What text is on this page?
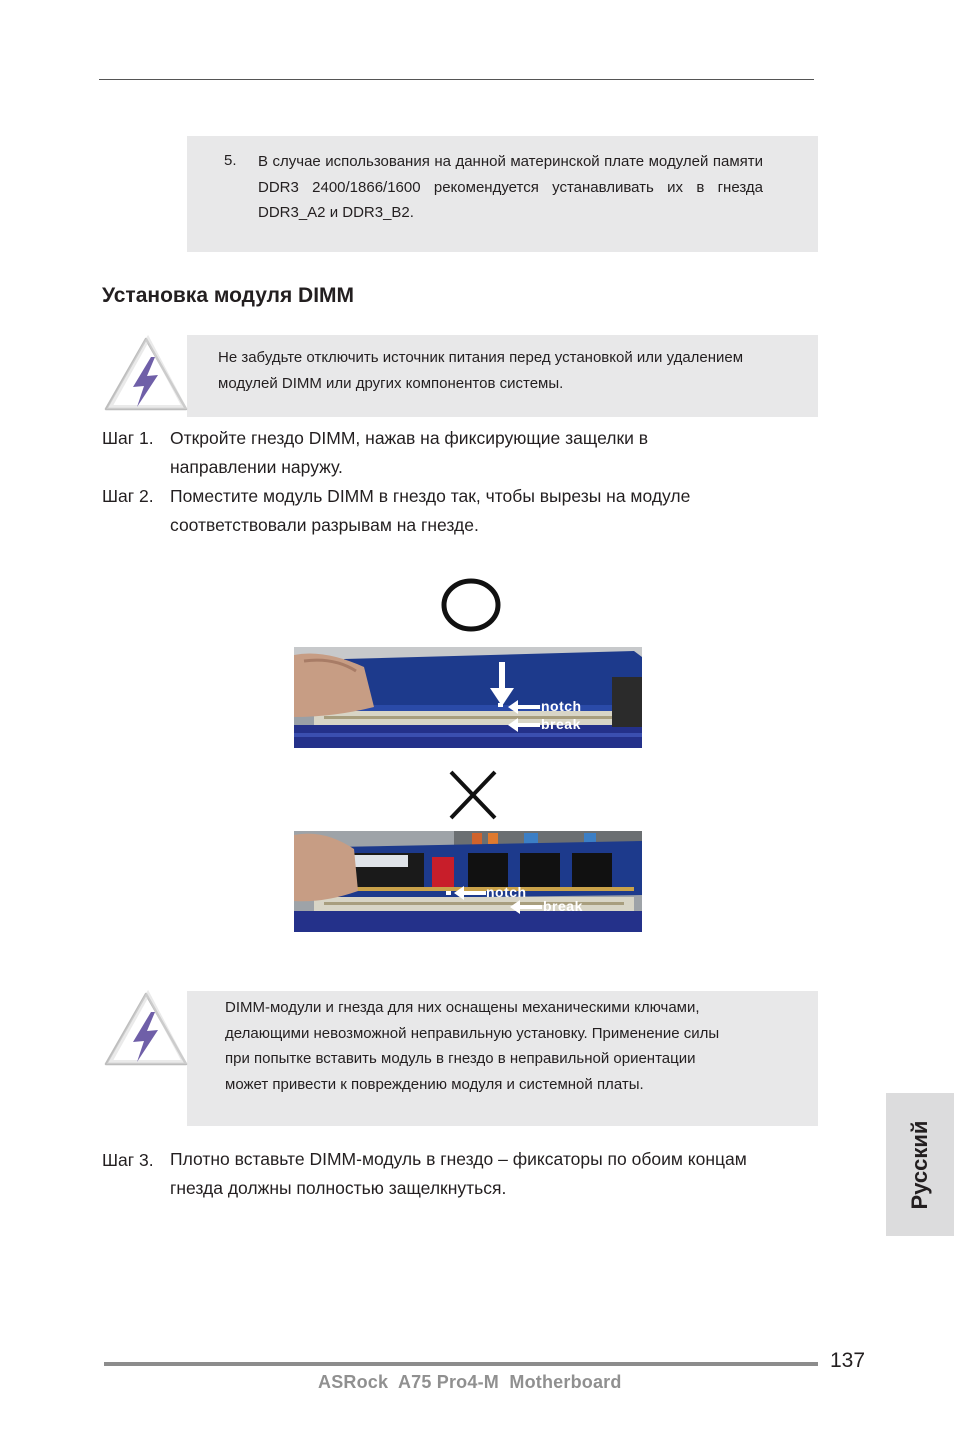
5. В случае использования на данной материнской плате модулей памяти DDR3 2400/1866/1600 рекомендуется устанавливать их в гнезда DDR3_A2 и DDR3_B2.
Установка модуля DIMM
Не забудьте отключить источник питания перед установкой или удалением модулей DIMM или других компонентов системы.
Шаг 1. Откройте гнездо DIMM, нажав на фиксирующие защелки в направлении наружу.
Шаг 2. Поместите модуль DIMM в гнездо так, чтобы вырезы на модуле соответствовали разрывам на гнезде.
notch
break
notch
break
DIMM-модули и гнезда для них оснащены механическими ключами, делающими невозможной неправильную установку. Применение силы при попытке вставить модуль в гнездо в неправильной ориентации может привести к повреждению модуля и системной платы.
Шаг 3. Плотно вставьте DIMM-модуль в гнездо – фиксаторы по обоим концам гнезда должны полностью защелкнуться.	Русский
137
ASRock  A75 Pro4-M  Motherboard
